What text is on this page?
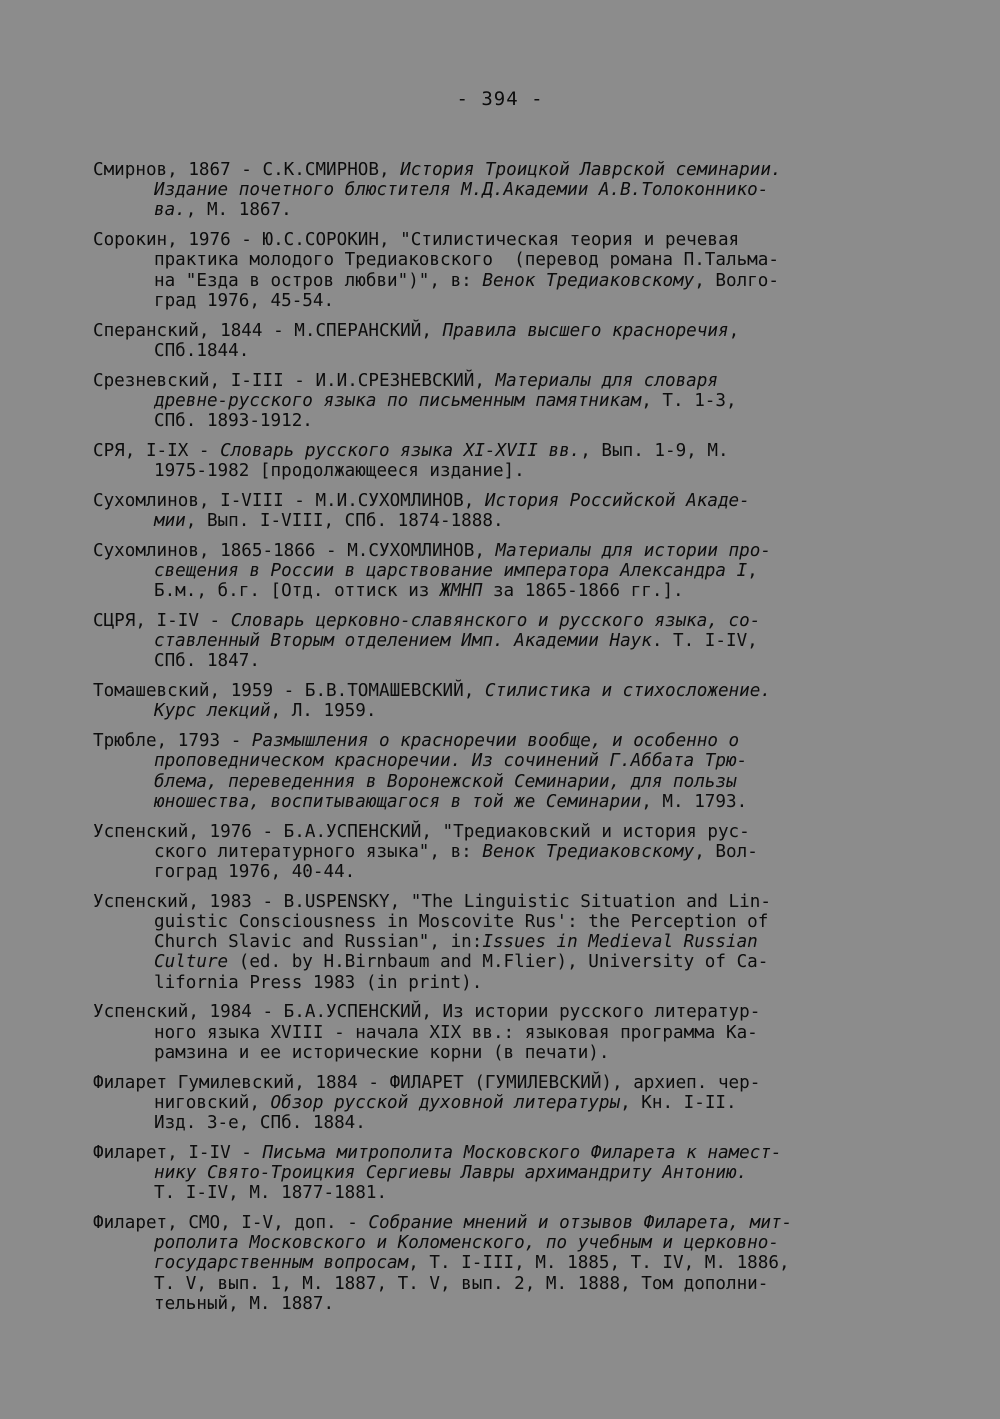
- 394 -
Смирнов, 1867 - С.К.СМИРНОВ, История Троицкой Лаврской семинарии.
Издание почетного блюстителя М.Д.Академии А.В.Толоконнико-
ва., М. 1867.
Сорокин, 1976 - Ю.С.СОРОКИН, "Стилистическая теория и речевая
практика молодого Тредиаковского  (перевод романа П.Тальма-
на "Езда в остров любви")", в: Венок Тредиаковскому, Волго-
град 1976, 45-54.
Сперанский, 1844 - М.СПЕРАНСКИЙ, Правила высшего красноречия,
СПб.1844.
Срезневский, I-III - И.И.СРЕЗНЕВСКИЙ, Материалы для словаря
древне-русского языка по письменным памятникам, Т. 1-3,
СПб. 1893-1912.
СРЯ, I-IX - Словарь русского языка XI-XVII вв., Вып. 1-9, М.
1975-1982 [продолжающееся издание].
Сухомлинов, I-VIII - М.И.СУХОМЛИНОВ, История Российской Акаде-
мии, Вып. I-VIII, СПб. 1874-1888.
Сухомлинов, 1865-1866 - М.СУХОМЛИНОВ, Материалы для истории про-
свещения в России в царствование императора Александра I,
Б.м., б.г. [Отд. оттиск из ЖМНП за 1865-1866 гг.].
СЦРЯ, I-IV - Словарь церковно-славянского и русского языка, со-
ставленный Вторым отделением Имп. Академии Наук. Т. I-IV,
СПб. 1847.
Томашевский, 1959 - Б.В.ТОМАШЕВСКИЙ, Стилистика и стихосложение.
Курс лекций, Л. 1959.
Трюбле, 1793 - Размышления о красноречии вообще, и особенно о
проповедническом красноречии. Из сочинений Г.Аббата Трю-
блема, переведенния в Воронежской Семинарии, для пользы
юношества, воспитывающагося в той же Семинарии, М. 1793.
Успенский, 1976 - Б.А.УСПЕНСКИЙ, "Тредиаковский и история рус-
ского литературного языка", в: Венок Тредиаковскому, Вол-
гоград 1976, 40-44.
Успенский, 1983 - B.USPENSKY, "The Linguistic Situation and Lin-
guistic Consciousness in Moscovite Rus': the Perception of
Church Slavic and Russian", in:Issues in Medieval Russian
Culture (ed. by H.Birnbaum and M.Flier), University of Ca-
lifornia Press 1983 (in print).
Успенский, 1984 - Б.А.УСПЕНСКИЙ, Из истории русского литератур-
ного языка XVIII - начала XIX вв.: языковая программа Ка-
рамзина и ее исторические корни (в печати).
Филарет Гумилевский, 1884 - ФИЛАРЕТ (ГУМИЛЕВСКИЙ), архиеп. чер-
ниговский, Обзор русской духовной литературы, Кн. I-II.
Изд. 3-е, СПб. 1884.
Филарет, I-IV - Письма митрополита Московского Филарета к намест-
нику Свято-Троицкия Сергиевы Лавры архимандриту Антонию.
Т. I-IV, М. 1877-1881.
Филарет, СМО, I-V, доп. - Собрание мнений и отзывов Филарета, мит-
рополита Московского и Коломенского, по учебным и церковно-
государственным вопросам, Т. I-III, М. 1885, Т. IV, М. 1886,
Т. V, вып. 1, М. 1887, Т. V, вып. 2, М. 1888, Том дополни-
тельный, М. 1887.
